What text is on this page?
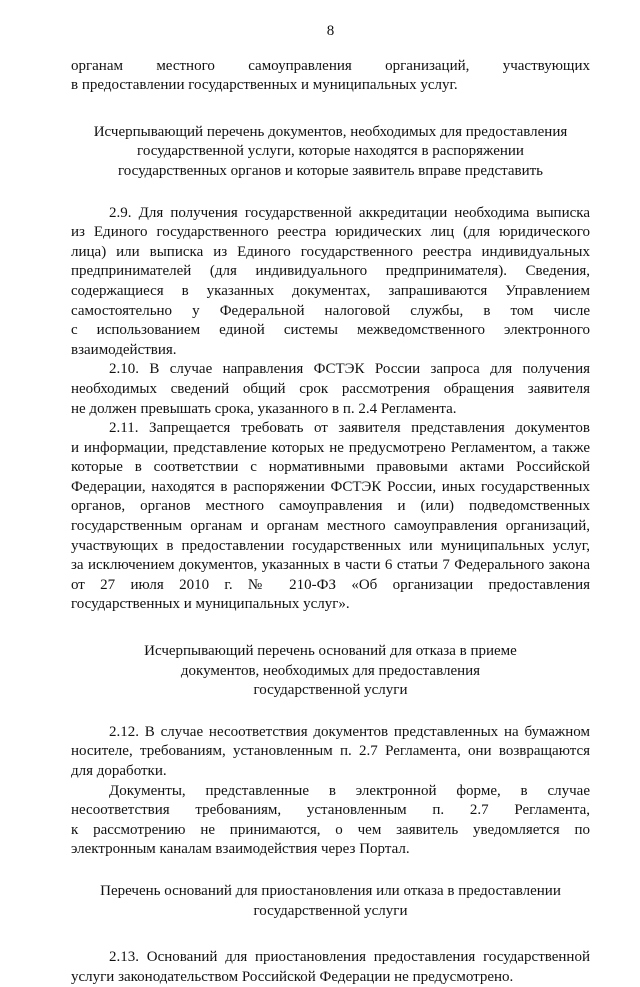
8
органам местного самоуправления организаций, участвующих
в предоставлении государственных и муниципальных услуг.
Исчерпывающий перечень документов, необходимых для предоставления
государственной услуги, которые находятся в распоряжении
государственных органов и которые заявитель вправе представить
2.9. Для получения государственной аккредитации необходима выписка
из Единого государственного реестра юридических лиц (для юридического
лица) или выписка из Единого государственного реестра индивидуальных
предпринимателей (для индивидуального предпринимателя). Сведения,
содержащиеся в указанных документах, запрашиваются Управлением
самостоятельно у Федеральной налоговой службы, в том числе
с использованием единой системы межведомственного электронного
взаимодействия.
2.10. В случае направления ФСТЭК России запроса для получения
необходимых сведений общий срок рассмотрения обращения заявителя
не должен превышать срока, указанного в п. 2.4 Регламента.
2.11. Запрещается требовать от заявителя представления документов
и информации, представление которых не предусмотрено Регламентом, а также
которые в соответствии с нормативными правовыми актами Российской
Федерации, находятся в распоряжении ФСТЭК России, иных государственных
органов, органов местного самоуправления и (или) подведомственных
государственным органам и органам местного самоуправления организаций,
участвующих в предоставлении государственных или муниципальных услуг,
за исключением документов, указанных в части 6 статьи 7 Федерального закона
от 27 июля 2010 г. № 210-ФЗ «Об организации предоставления
государственных и муниципальных услуг».
Исчерпывающий перечень оснований для отказа в приеме
документов, необходимых для предоставления
государственной услуги
2.12. В случае несоответствия документов представленных на бумажном
носителе, требованиям, установленным п. 2.7 Регламента, они возвращаются
для доработки.
Документы, представленные в электронной форме, в случае
несоответствия требованиям, установленным п. 2.7 Регламента,
к рассмотрению не принимаются, о чем заявитель уведомляется по
электронным каналам взаимодействия через Портал.
Перечень оснований для приостановления или отказа в предоставлении
государственной услуги
2.13. Оснований для приостановления предоставления государственной
услуги законодательством Российской Федерации не предусмотрено.
